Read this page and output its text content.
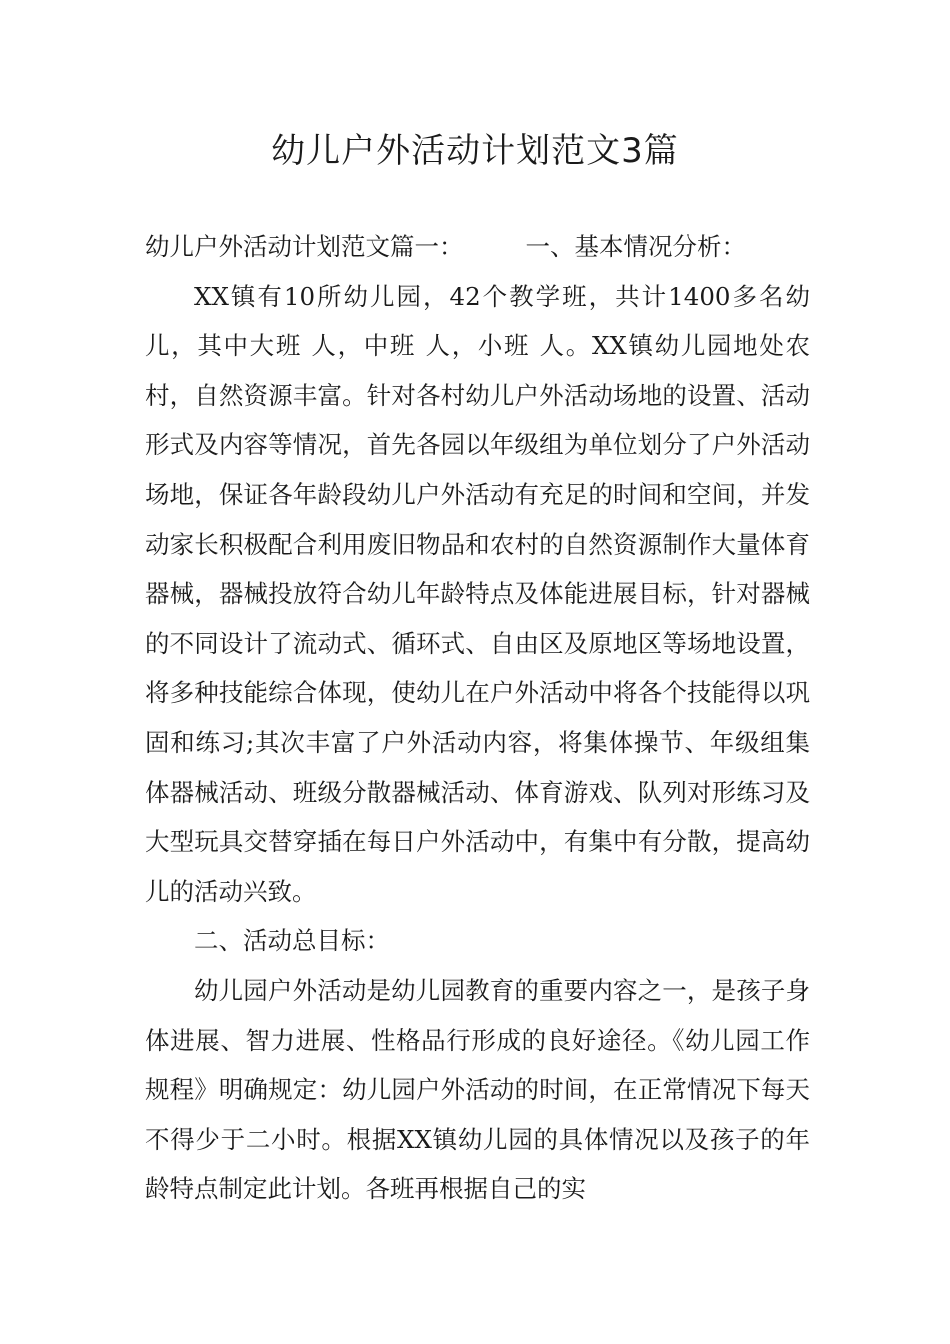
幼儿户外活动计划范文3篇

幼儿户外活动计划范文篇一：	一、基本情况分析：

XX镇有10所幼儿园，42个教学班，共计1400多名幼儿，其中大班 人，中班 人，小班 人。XX镇幼儿园地处农村，自然资源丰富。针对各村幼儿户外活动场地的设置、活动形式及内容等情况，首先各园以年级组为单位划分了户外活动场地，保证各年龄段幼儿户外活动有充足的时间和空间，并发动家长积极配合利用废旧物品和农村的自然资源制作大量体育器械，器械投放符合幼儿年龄特点及体能进展目标，针对器械的不同设计了流动式、循环式、自由区及原地区等场地设置，将多种技能综合体现，使幼儿在户外活动中将各个技能得以巩固和练习;其次丰富了户外活动内容，将集体操节、年级组集体器械活动、班级分散器械活动、体育游戏、队列对形练习及大型玩具交替穿插在每日户外活动中，有集中有分散，提高幼儿的活动兴致。

二、活动总目标：

幼儿园户外活动是幼儿园教育的重要内容之一，是孩子身体进展、智力进展、性格品行形成的良好途径。《幼儿园工作规程》明确规定：幼儿园户外活动的时间，在正常情况下每天不得少于二小时。根据XX镇幼儿园的具体情况以及孩子的年龄特点制定此计划。各班再根据自己的实
